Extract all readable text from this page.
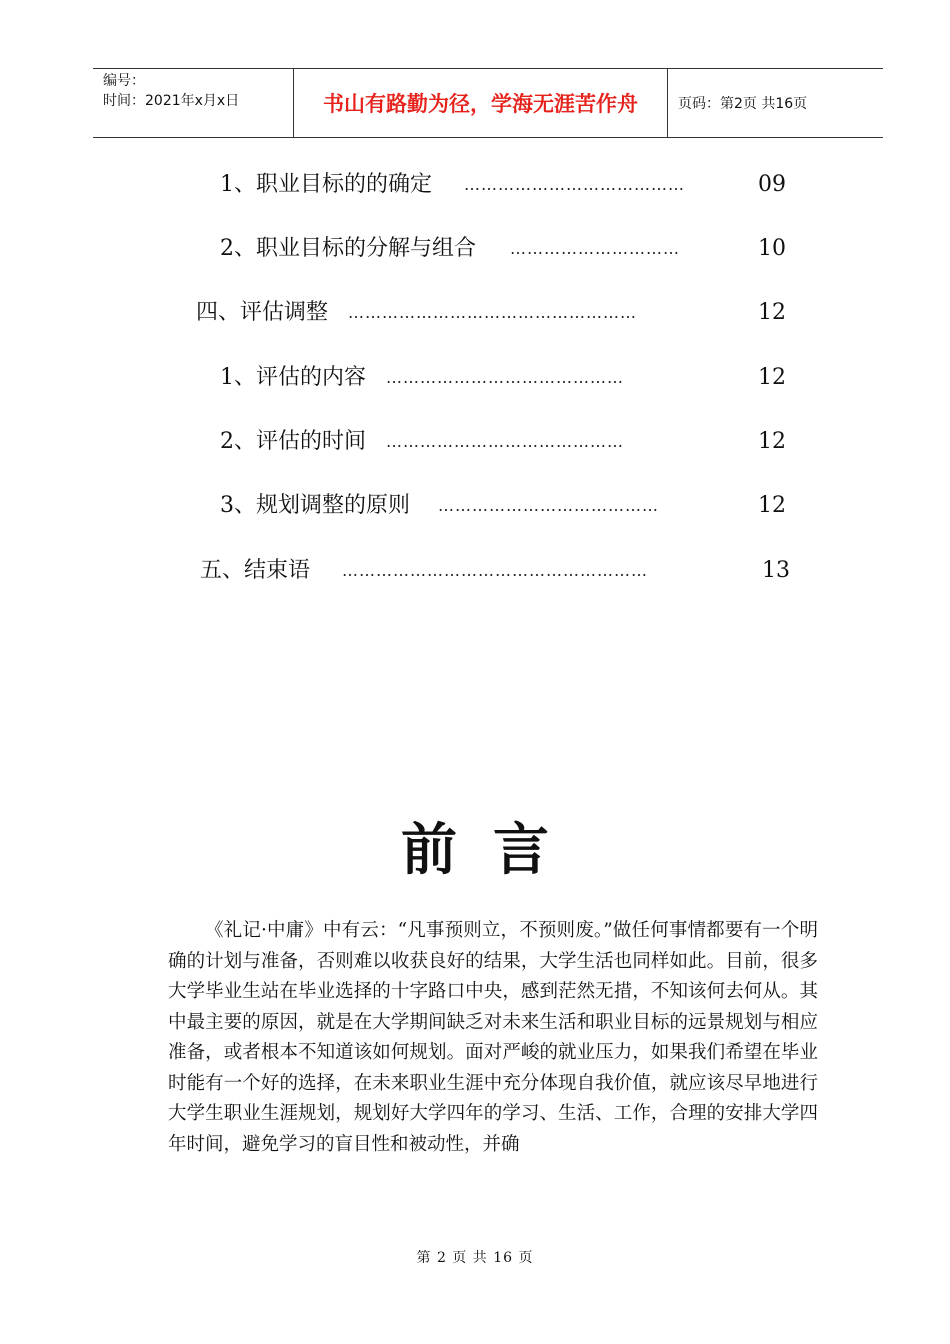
编号：
时间：2021年x月x日	书山有路勤为径，学海无涯苦作舟	页码：第2页 共16页
1、职业目标的的确定 …………………………………	09
2、职业目标的分解与组合 …………………………	10
四、评估调整 ……………………………………………	12
1、评估的内容 ……………………………………	12
2、评估的时间 ……………………………………	12
3、规划调整的原则 …………………………………	12
五、结束语 ………………………………………………	13
前言
《礼记·中庸》中有云：“凡事预则立，不预则废。”做任何事情都要有一个明确的计划与准备，否则难以收获良好的结果，大学生活也同样如此。目前，很多大学毕业生站在毕业选择的十字路口中央，感到茫然无措，不知该何去何从。其中最主要的原因，就是在大学期间缺乏对未来生活和职业目标的远景规划与相应准备，或者根本不知道该如何规划。面对严峻的就业压力，如果我们希望在毕业时能有一个好的选择，在未来职业生涯中充分体现自我价值，就应该尽早地进行大学生职业生涯规划，规划好大学四年的学习、生活、工作，合理的安排大学四年时间，避免学习的盲目性和被动性，并确
第 2 页 共 16 页
